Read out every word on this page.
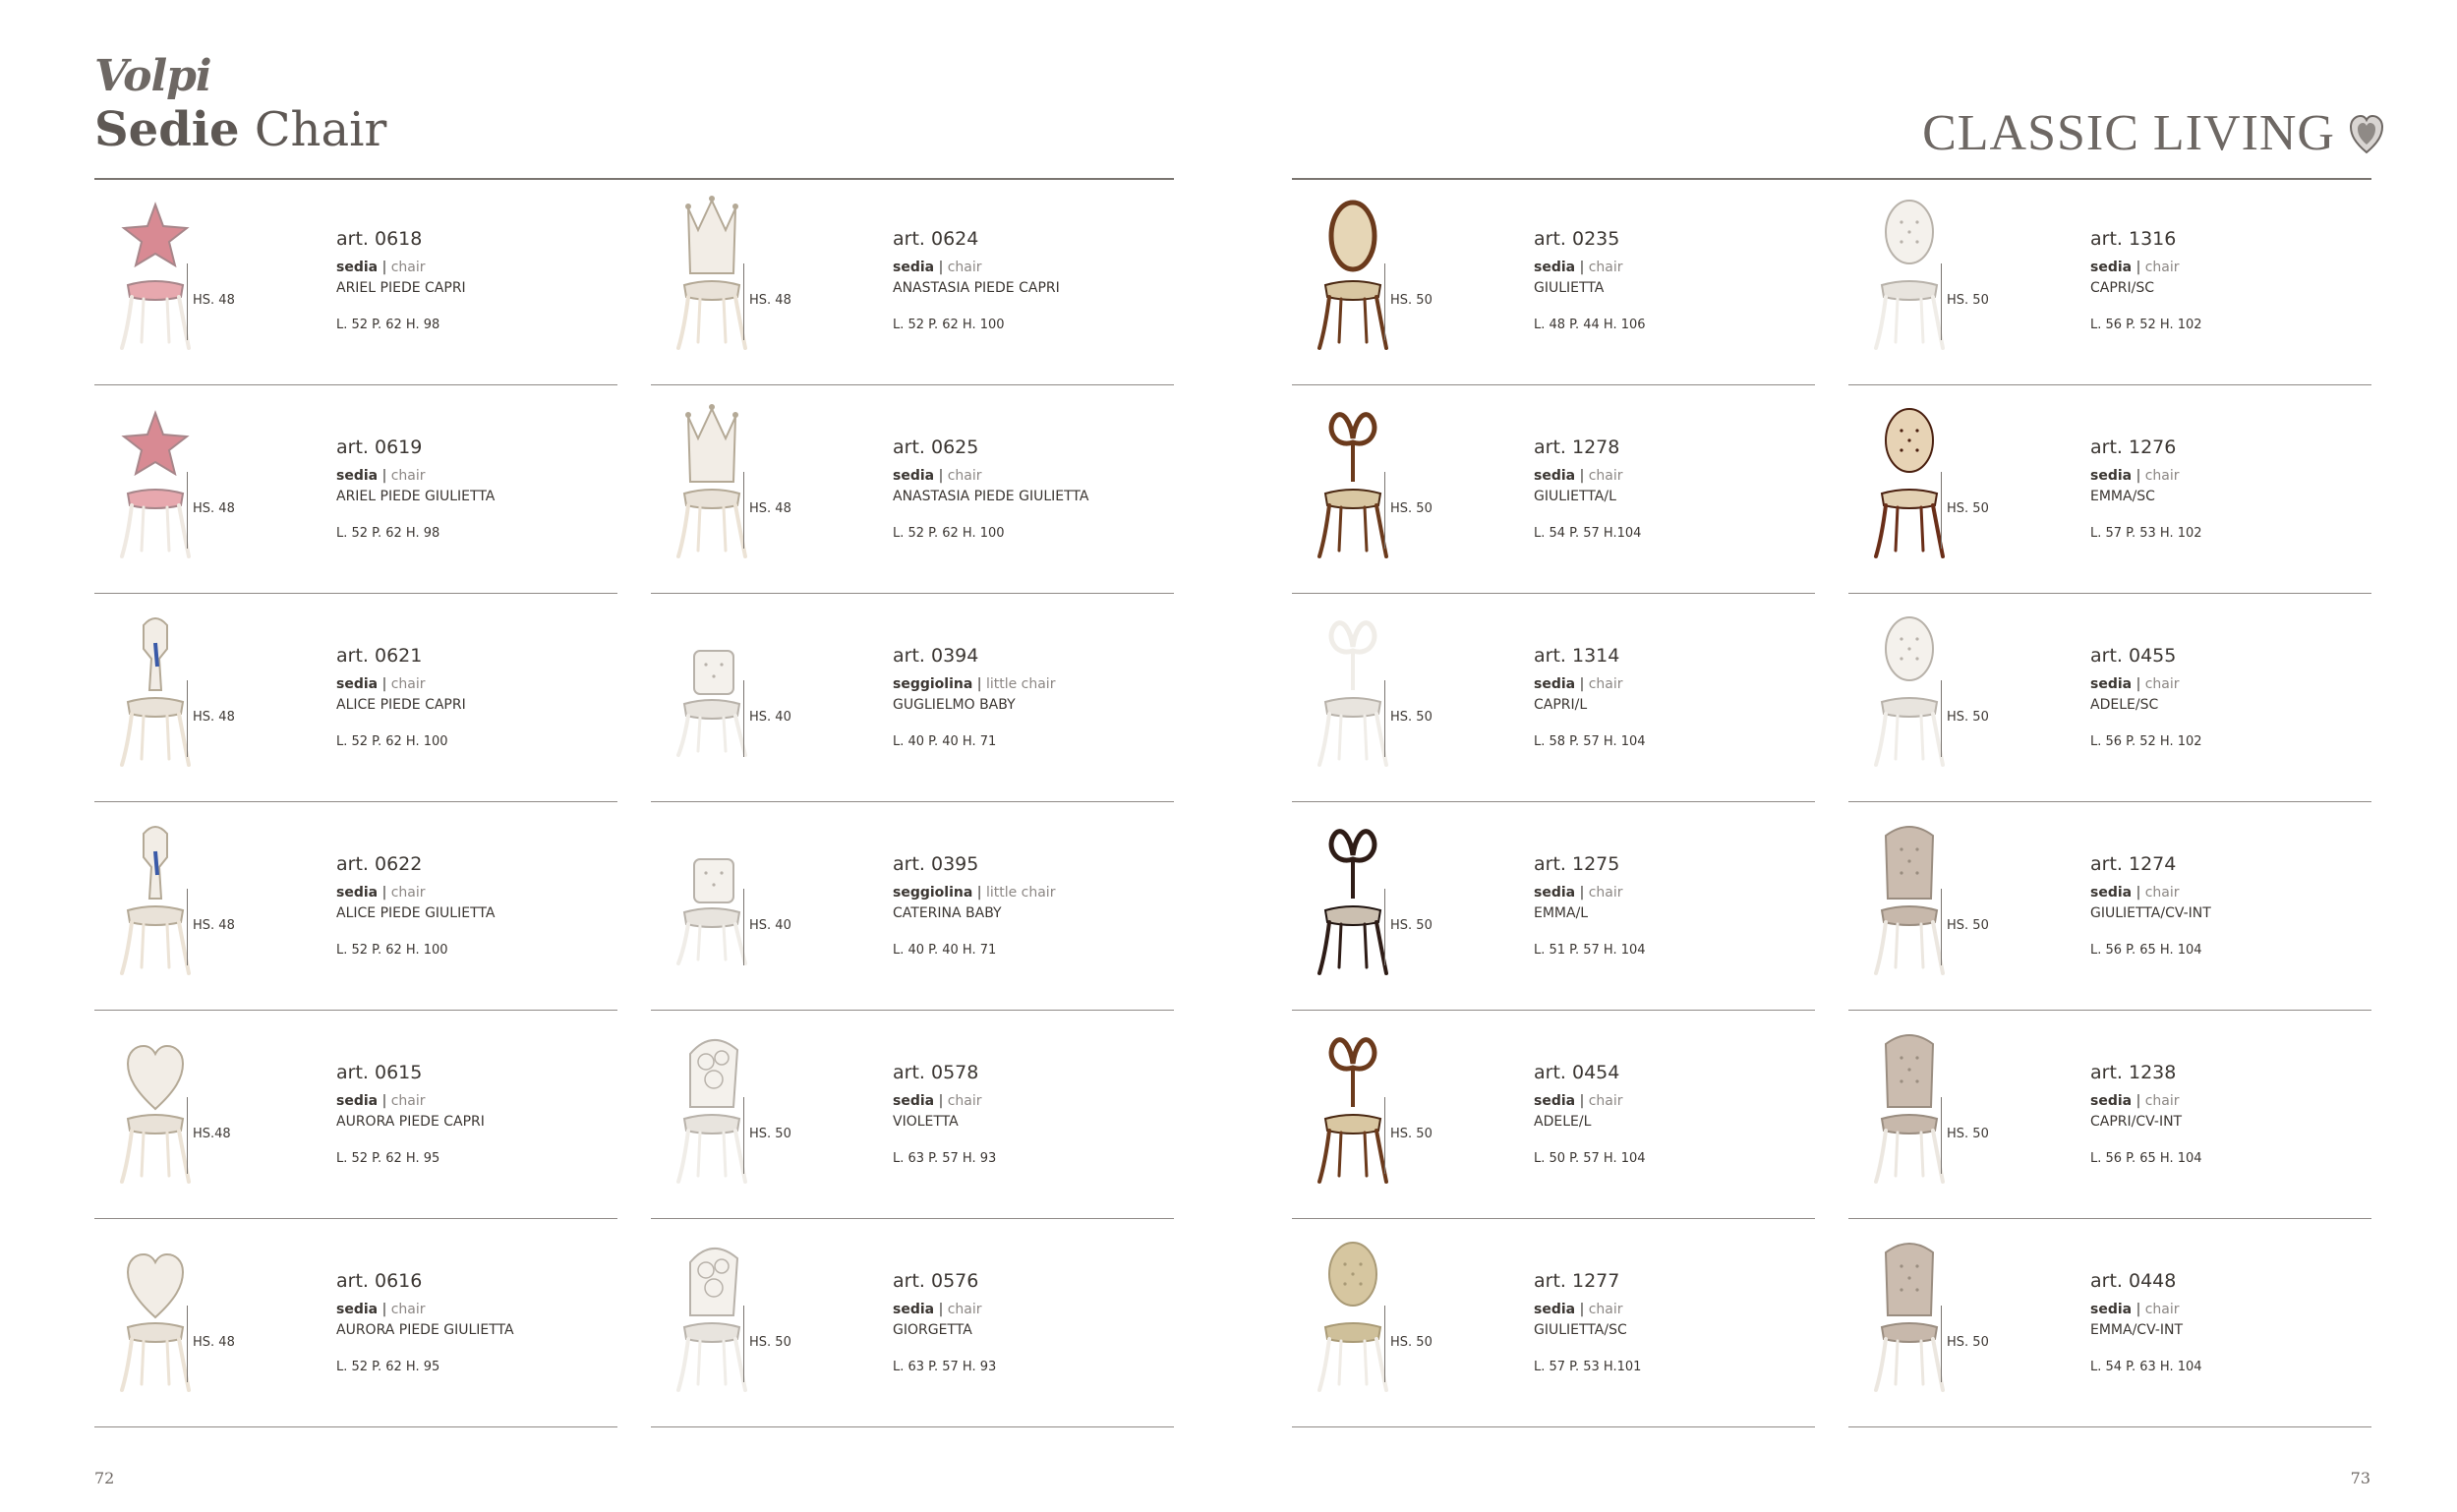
Volpi
Sedie Chair	CLASSIC LIVING
HS. 48
art. 0618
sedia | chair
ARIEL PIEDE CAPRI
L. 52 P. 62 H. 98
HS. 48
art. 0624
sedia | chair
ANASTASIA PIEDE CAPRI
L. 52 P. 62 H. 100
HS. 50
art. 0235
sedia | chair
GIULIETTA
L. 48 P. 44 H. 106
HS. 50
art. 1316
sedia | chair
CAPRI/SC
L. 56 P. 52 H. 102
HS. 48
art. 0619
sedia | chair
ARIEL PIEDE GIULIETTA
L. 52 P. 62 H. 98
HS. 48
art. 0625
sedia | chair
ANASTASIA PIEDE GIULIETTA
L. 52 P. 62 H. 100
HS. 50
art. 1278
sedia | chair
GIULIETTA/L
L. 54 P. 57 H.104
HS. 50
art. 1276
sedia | chair
EMMA/SC
L. 57 P. 53 H. 102
HS. 48
art. 0621
sedia | chair
ALICE PIEDE CAPRI
L. 52 P. 62 H. 100
HS. 40
art. 0394
seggiolina | little chair
GUGLIELMO BABY
L. 40 P. 40 H. 71
HS. 50
art. 1314
sedia | chair
CAPRI/L
L. 58 P. 57 H. 104
HS. 50
art. 0455
sedia | chair
ADELE/SC
L. 56 P. 52 H. 102
HS. 48
art. 0622
sedia | chair
ALICE PIEDE GIULIETTA
L. 52 P. 62 H. 100
HS. 40
art. 0395
seggiolina | little chair
CATERINA BABY
L. 40 P. 40 H. 71
HS. 50
art. 1275
sedia | chair
EMMA/L
L. 51 P. 57 H. 104
HS. 50
art. 1274
sedia | chair
GIULIETTA/CV-INT
L. 56 P. 65 H. 104
HS.48
art. 0615
sedia | chair
AURORA PIEDE CAPRI
L. 52 P. 62 H. 95
HS. 50
art. 0578
sedia | chair
VIOLETTA
L. 63 P. 57 H. 93
HS. 50
art. 0454
sedia | chair
ADELE/L
L. 50 P. 57 H. 104
HS. 50
art. 1238
sedia | chair
CAPRI/CV-INT
L. 56 P. 65 H. 104
HS. 48
art. 0616
sedia | chair
AURORA PIEDE GIULIETTA
L. 52 P. 62 H. 95
HS. 50
art. 0576
sedia | chair
GIORGETTA
L. 63 P. 57 H. 93
HS. 50
art. 1277
sedia | chair
GIULIETTA/SC
L. 57 P. 53 H.101
HS. 50
art. 0448
sedia | chair
EMMA/CV-INT
L. 54 P. 63 H. 104
72	73
